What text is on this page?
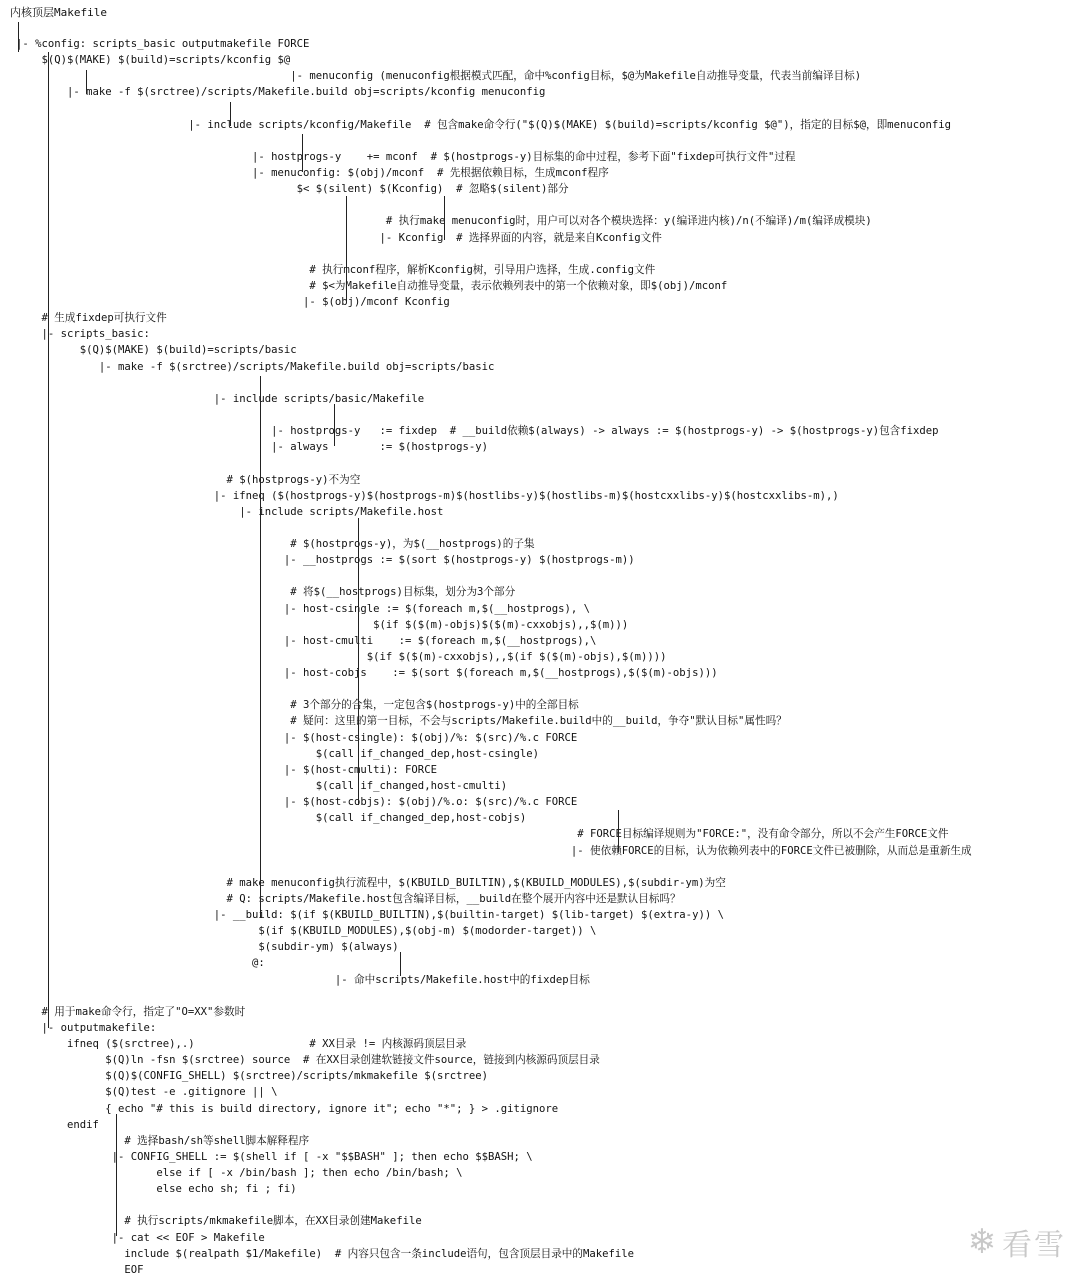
内核顶层Makefile
|- %config: scripts_basic outputmakefile FORCE
$(Q)$(MAKE) $(build)=scripts/kconfig $@
|- menuconfig (menuconfig根据模式匹配，命中%config目标，$@为Makefile自动推导变量，代表当前编译目标)
|- make -f $(srctree)/scripts/Makefile.build obj=scripts/kconfig menuconfig
|- include scripts/kconfig/Makefile  # 包含make命令行("$(Q)$(MAKE) $(build)=scripts/kconfig $@")，指定的目标$@，即menuconfig
|- hostprogs-y    += mconf  # $(hostprogs-y)目标集的命中过程，参考下面"fixdep可执行文件"过程
|- menuconfig: $(obj)/mconf  # 先根据依赖目标，生成mconf程序
$< $(silent) $(Kconfig)  # 忽略$(silent)部分
# 执行make menuconfig时，用户可以对各个模块选择：y(编译进内核)/n(不编译)/m(编译成模块)
|- Kconfig  # 选择界面的内容，就是来自Kconfig文件
# 执行mconf程序，解析Kconfig树，引导用户选择，生成.config文件
# $<为Makefile自动推导变量，表示依赖列表中的第一个依赖对象，即$(obj)/mconf
|- $(obj)/mconf Kconfig
# 生成fixdep可执行文件
|- scripts_basic:
$(Q)$(MAKE) $(build)=scripts/basic
|- make -f $(srctree)/scripts/Makefile.build obj=scripts/basic
|- include scripts/basic/Makefile
|- hostprogs-y   := fixdep  # __build依赖$(always) -> always := $(hostprogs-y) -> $(hostprogs-y)包含fixdep
|- always        := $(hostprogs-y)
# $(hostprogs-y)不为空
|- ifneq ($(hostprogs-y)$(hostprogs-m)$(hostlibs-y)$(hostlibs-m)$(hostcxxlibs-y)$(hostcxxlibs-m),)
|- include scripts/Makefile.host
# $(hostprogs-y)，为$(__hostprogs)的子集
|- __hostprogs := $(sort $(hostprogs-y) $(hostprogs-m))
# 将$(__hostprogs)目标集，划分为3个部分
|- host-csingle := $(foreach m,$(__hostprogs), \
$(if $($(m)-objs)$($(m)-cxxobjs),,$(m)))
|- host-cmulti    := $(foreach m,$(__hostprogs),\
$(if $($(m)-cxxobjs),,$(if $($(m)-objs),$(m))))
|- host-cobjs    := $(sort $(foreach m,$(__hostprogs),$($(m)-objs)))
# 3个部分的合集，一定包含$(hostprogs-y)中的全部目标
# 疑问：这里的第一目标，不会与scripts/Makefile.build中的__build，争夺"默认目标"属性吗？
|- $(host-csingle): $(obj)/%: $(src)/%.c FORCE
$(call if_changed_dep,host-csingle)
|- $(host-cmulti): FORCE
$(call if_changed,host-cmulti)
|- $(host-cobjs): $(obj)/%.o: $(src)/%.c FORCE
$(call if_changed_dep,host-cobjs)
# FORCE目标编译规则为"FORCE:"，没有命令部分，所以不会产生FORCE文件
|- 使依赖FORCE的目标，认为依赖列表中的FORCE文件已被删除，从而总是重新生成
# make menuconfig执行流程中，$(KBUILD_BUILTIN),$(KBUILD_MODULES),$(subdir-ym)为空
# Q: scripts/Makefile.host包含编译目标，__build在整个展开内容中还是默认目标吗？
|- __build: $(if $(KBUILD_BUILTIN),$(builtin-target) $(lib-target) $(extra-y)) \
$(if $(KBUILD_MODULES),$(obj-m) $(modorder-target)) \
$(subdir-ym) $(always)
@:
|- 命中scripts/Makefile.host中的fixdep目标
# 用于make命令行，指定了"O=XX"参数时
|- outputmakefile:
ifneq ($(srctree),.)                  # XX目录 != 内核源码顶层目录
$(Q)ln -fsn $(srctree) source  # 在XX目录创建软链接文件source，链接到内核源码顶层目录
$(Q)$(CONFIG_SHELL) $(srctree)/scripts/mkmakefile $(srctree)
$(Q)test -e .gitignore || \
{ echo "# this is build directory, ignore it"; echo "*"; } > .gitignore
endif
# 选择bash/sh等shell脚本解释程序
|- CONFIG_SHELL := $(shell if [ -x "$$BASH" ]; then echo $$BASH; \
else if [ -x /bin/bash ]; then echo /bin/bash; \
else echo sh; fi ; fi)
# 执行scripts/mkmakefile脚本，在XX目录创建Makefile
|- cat << EOF > Makefile
include $(realpath $1/Makefile)  # 内容只包含一条include语句，包含顶层目录中的Makefile
EOF
❄ 看雪
